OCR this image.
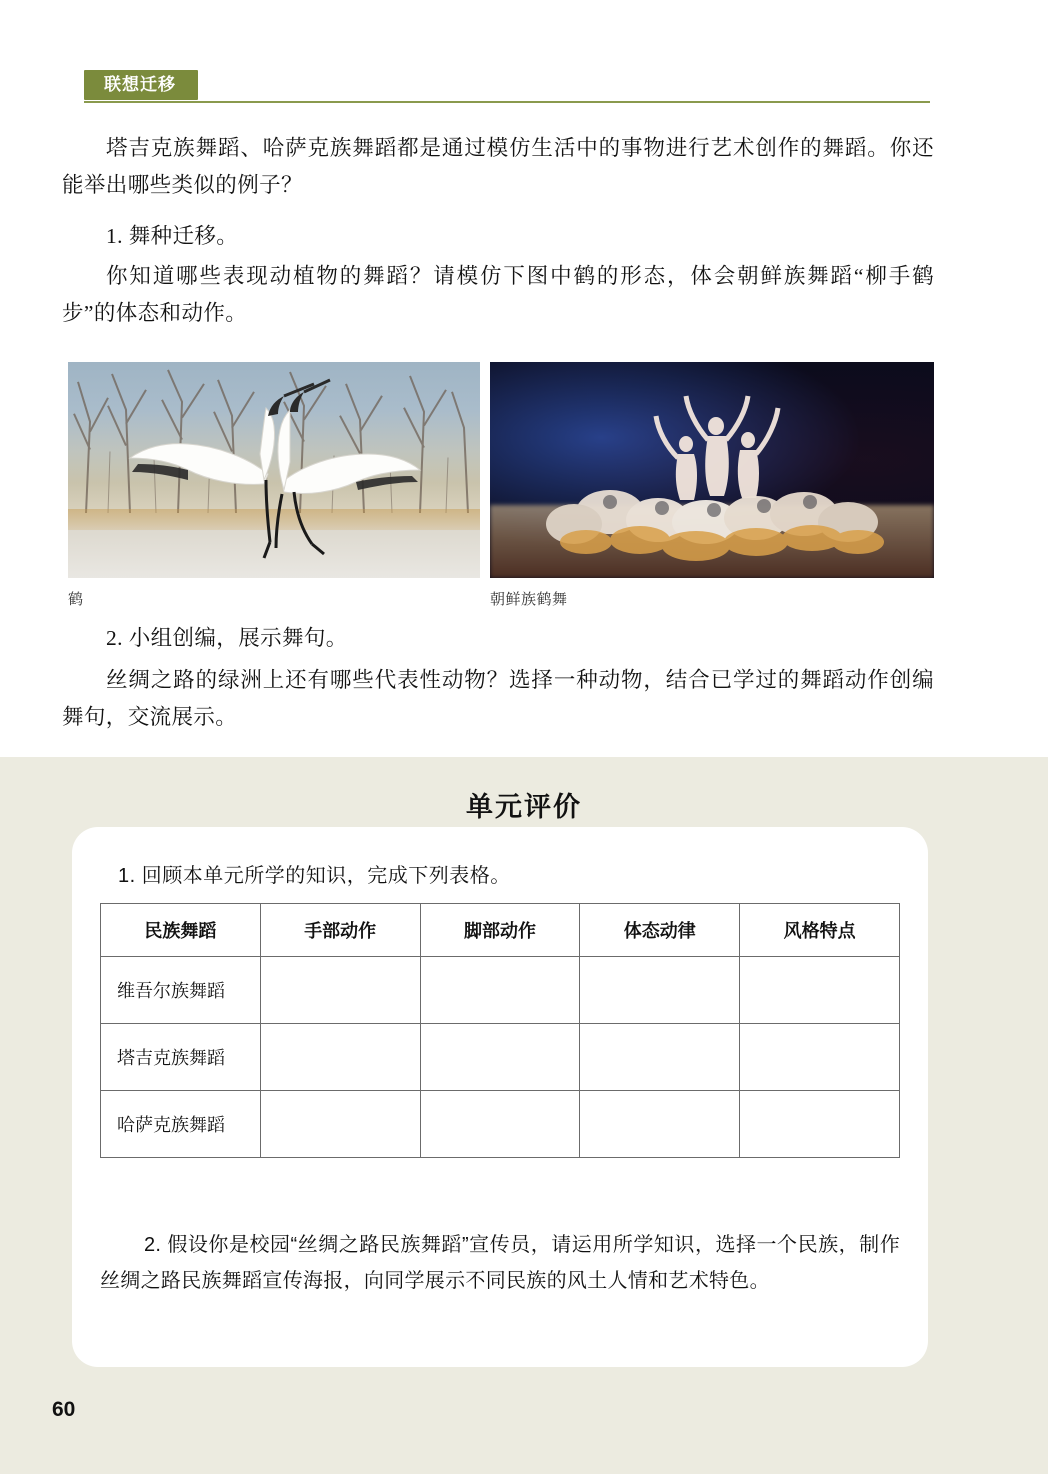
联想迁移
塔吉克族舞蹈、哈萨克族舞蹈都是通过模仿生活中的事物进行艺术创作的舞蹈。你还能举出哪些类似的例子？
1. 舞种迁移。
你知道哪些表现动植物的舞蹈？请模仿下图中鹤的形态，体会朝鲜族舞蹈“柳手鹤步”的体态和动作。
鹤	朝鲜族鹤舞
2. 小组创编，展示舞句。
丝绸之路的绿洲上还有哪些代表性动物？选择一种动物，结合已学过的舞蹈动作创编舞句，交流展示。
单元评价
1. 回顾本单元所学的知识，完成下列表格。
民族舞蹈	手部动作	脚部动作	体态动律	风格特点
维吾尔族舞蹈				
塔吉克族舞蹈				
哈萨克族舞蹈				
2. 假设你是校园“丝绸之路民族舞蹈”宣传员，请运用所学知识，选择一个民族，制作丝绸之路民族舞蹈宣传海报，向同学展示不同民族的风土人情和艺术特色。
60
